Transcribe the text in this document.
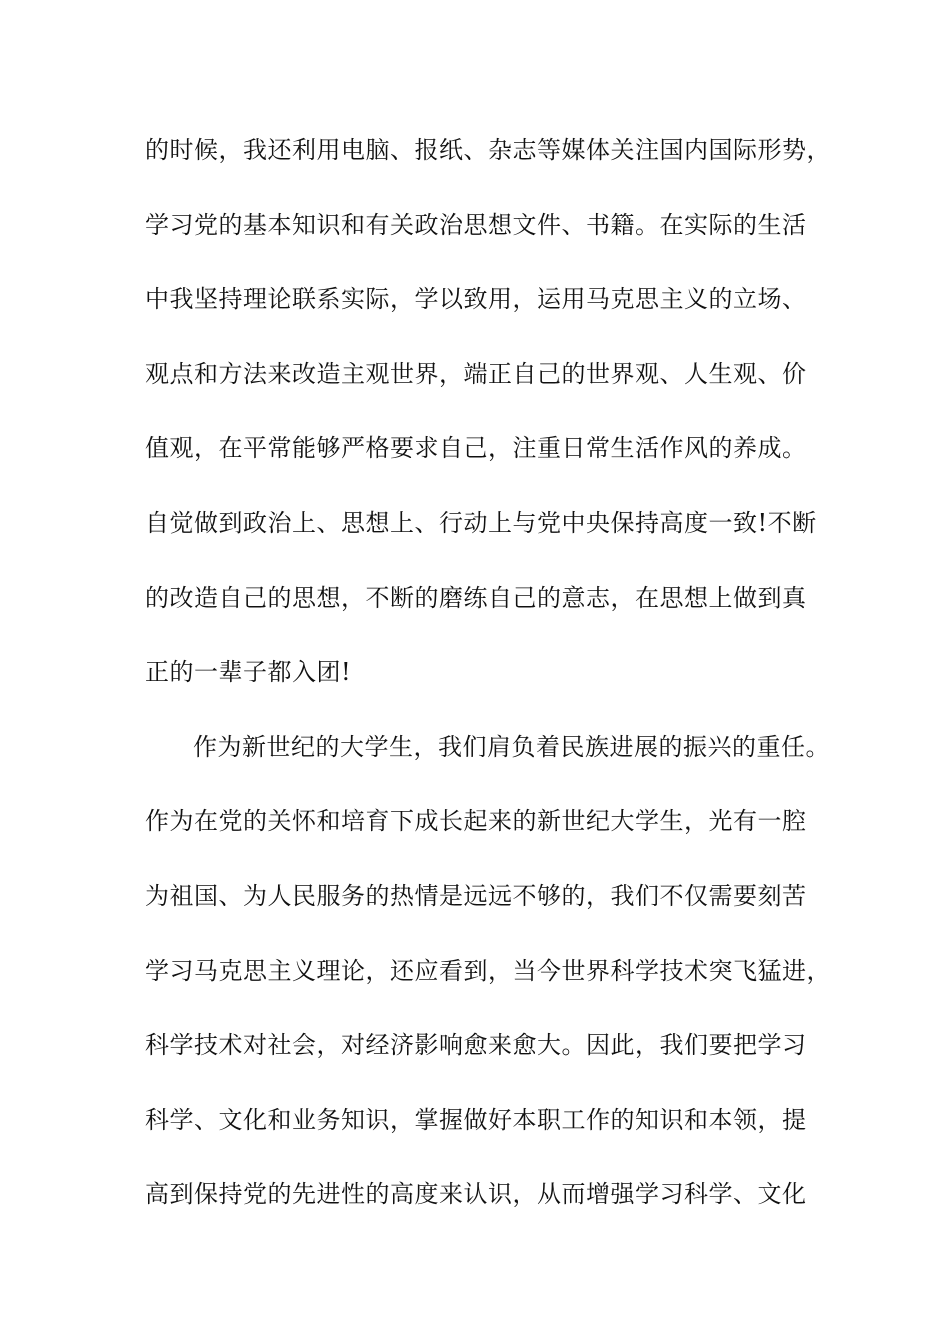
的时候，我还利用电脑、报纸、杂志等媒体关注国内国际形势，
学习党的基本知识和有关政治思想文件、书籍。在实际的生活
中我坚持理论联系实际，学以致用，运用马克思主义的立场、
观点和方法来改造主观世界，端正自己的世界观、人生观、价
值观，在平常能够严格要求自己，注重日常生活作风的养成。
自觉做到政治上、思想上、行动上与党中央保持高度一致!不断
的改造自己的思想，不断的磨练自己的意志，在思想上做到真
正的一辈子都入团!
作为新世纪的大学生，我们肩负着民族进展的振兴的重任。
作为在党的关怀和培育下成长起来的新世纪大学生，光有一腔
为祖国、为人民服务的热情是远远不够的，我们不仅需要刻苦
学习马克思主义理论，还应看到，当今世界科学技术突飞猛进，
科学技术对社会，对经济影响愈来愈大。因此，我们要把学习
科学、文化和业务知识，掌握做好本职工作的知识和本领，提
高到保持党的先进性的高度来认识，从而增强学习科学、文化
